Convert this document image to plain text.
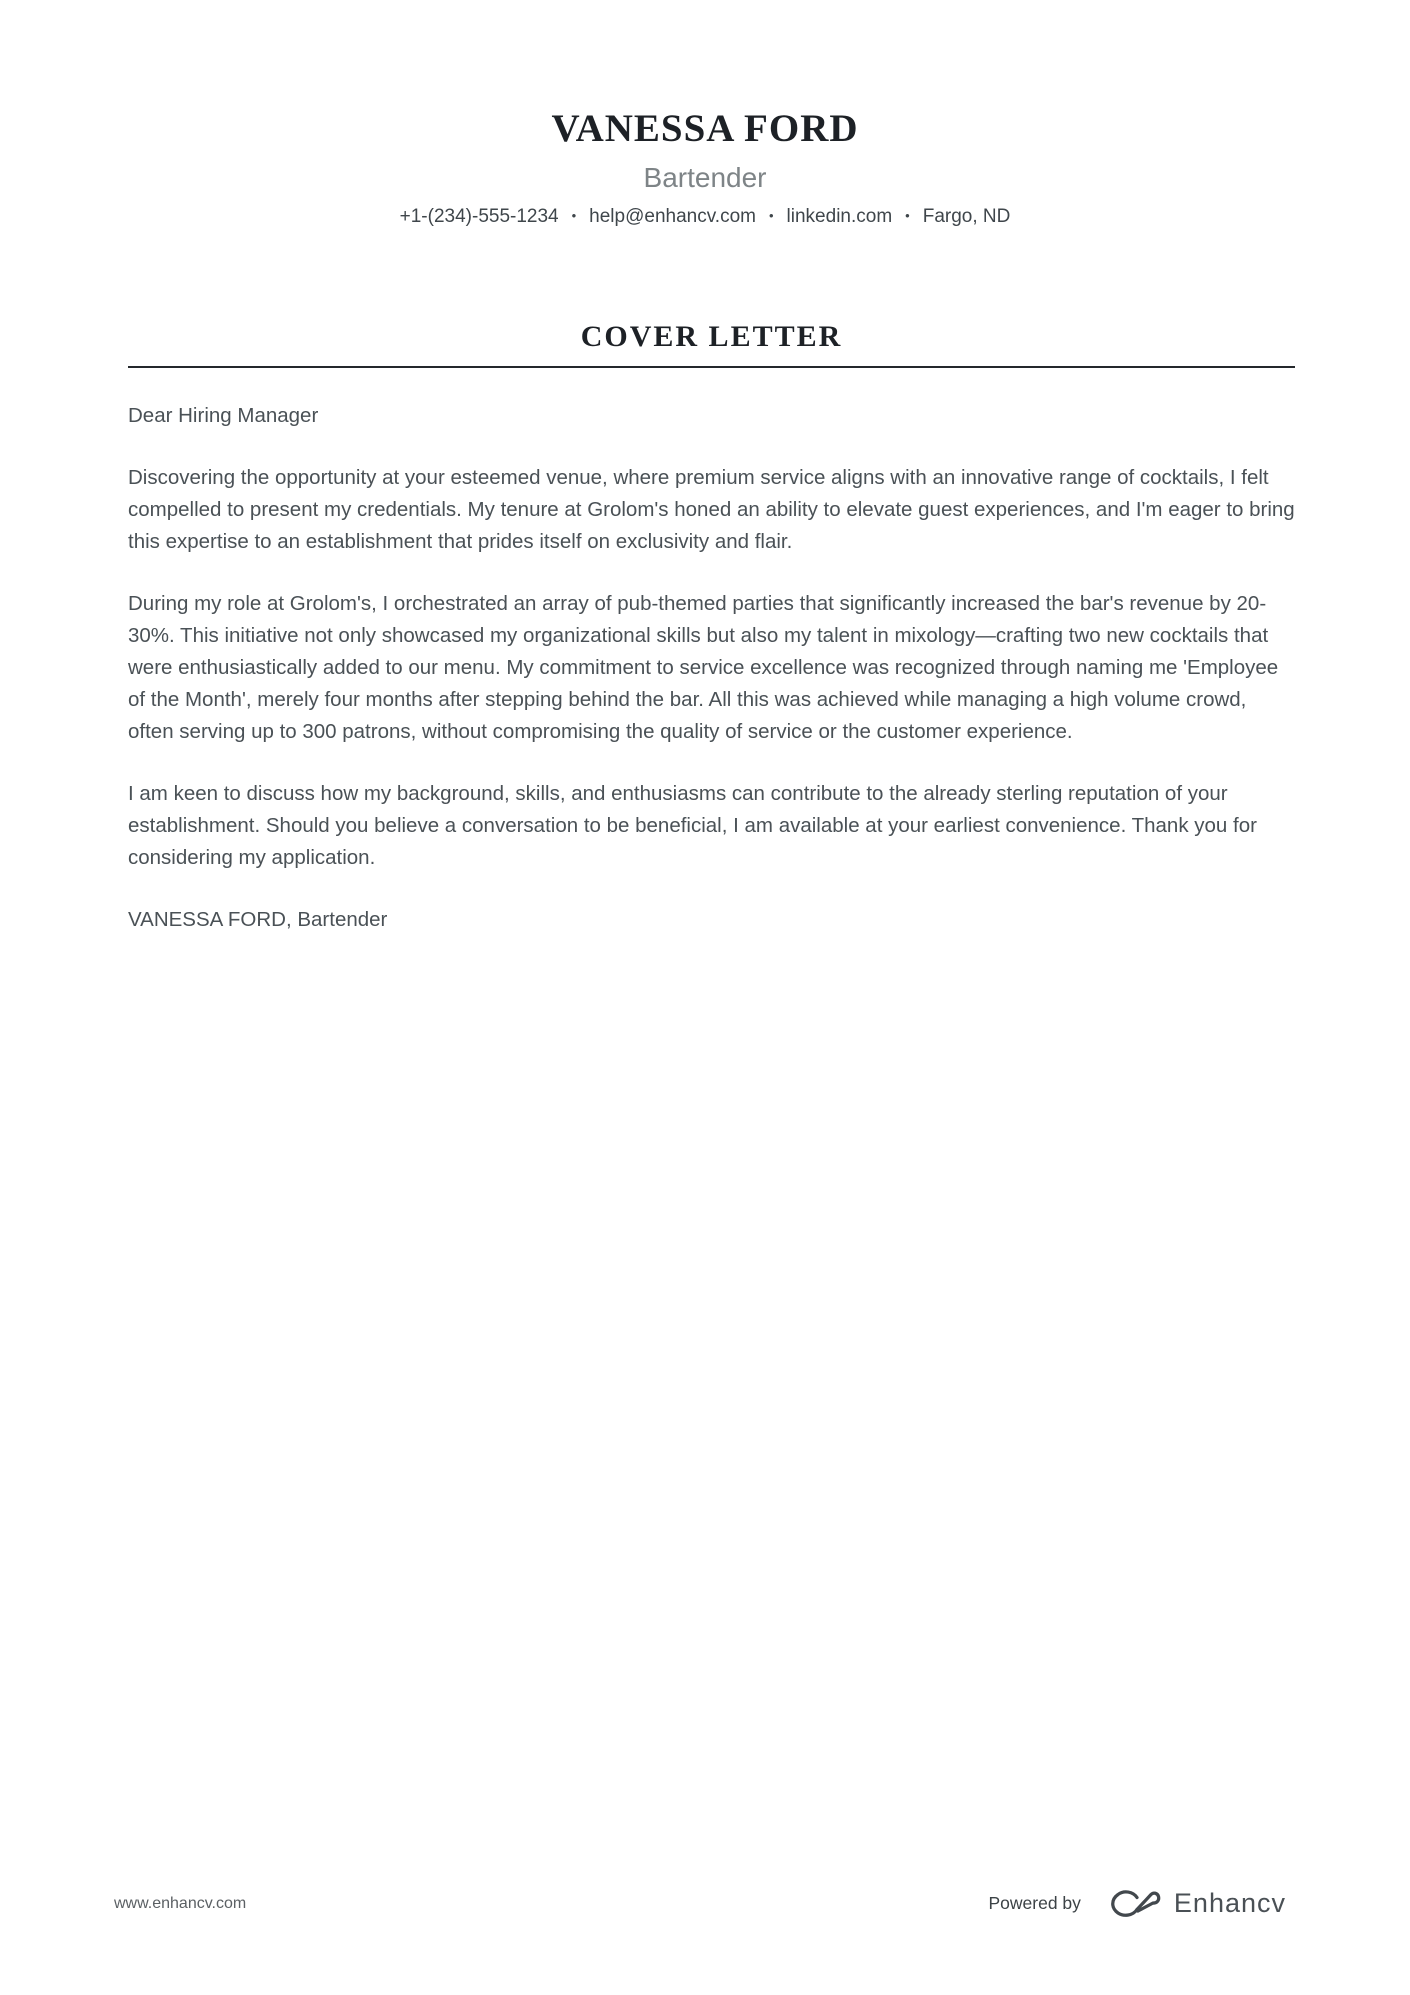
VANESSA FORD
Bartender
+1-(234)-555-1234 • help@enhancv.com • linkedin.com • Fargo, ND
COVER LETTER

Dear Hiring Manager

Discovering the opportunity at your esteemed venue, where premium service aligns with an innovative range of cocktails, I felt compelled to present my credentials. My tenure at Grolom's honed an ability to elevate guest experiences, and I'm eager to bring this expertise to an establishment that prides itself on exclusivity and flair.

During my role at Grolom's, I orchestrated an array of pub-themed parties that significantly increased the bar's revenue by 20-30%. This initiative not only showcased my organizational skills but also my talent in mixology—crafting two new cocktails that were enthusiastically added to our menu. My commitment to service excellence was recognized through naming me 'Employee of the Month', merely four months after stepping behind the bar. All this was achieved while managing a high volume crowd, often serving up to 300 patrons, without compromising the quality of service or the customer experience.

I am keen to discuss how my background, skills, and enthusiasms can contribute to the already sterling reputation of your establishment. Should you believe a conversation to be beneficial, I am available at your earliest convenience. Thank you for considering my application.

VANESSA FORD, Bartender

www.enhancv.com	Powered by	Enhancv
